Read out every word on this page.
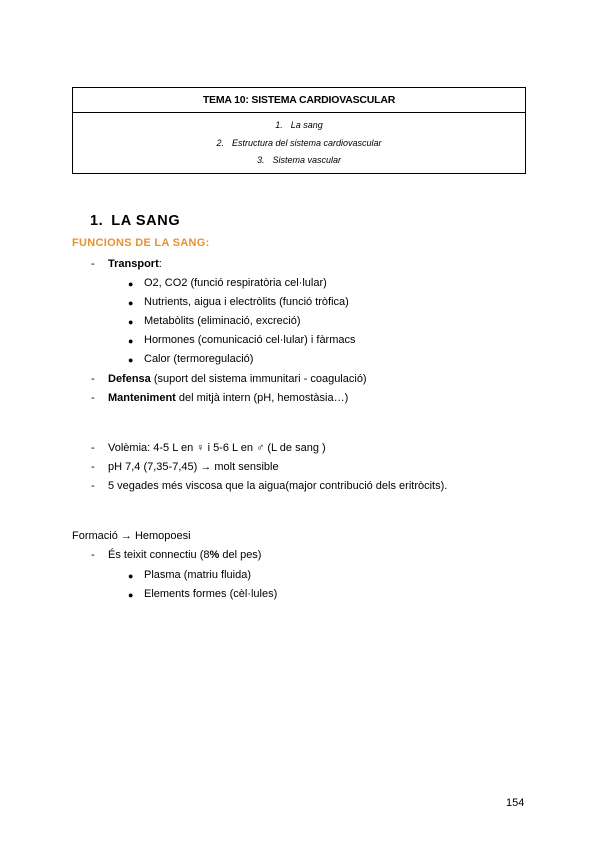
TEMA 10: SISTEMA CARDIOVASCULAR
1. La sang
2. Estructura del sistema cardiovascular
3. Sistema vascular
1. LA SANG
FUNCIONS DE LA SANG:
- Transport:
● O2, CO2 (funció respiratòria cel·lular)
● Nutrients, aigua i electròlits (funció tròfica)
● Metabòlits (eliminació, excreció)
● Hormones (comunicació cel·lular) i fàrmacs
● Calor (termoregulació)
- Defensa (suport del sistema immunitari - coagulació)
- Manteniment del mitjà intern (pH, hemostàsia…)
- Volèmia: 4-5 L en ♀ i 5-6 L en ♂ (L de sang )
- pH 7,4 (7,35-7,45) → molt sensible
- 5 vegades més viscosa que la aigua(major contribució dels eritròcits).
Formació → Hemopoesi
- És teixit connectiu (8% del pes)
● Plasma (matriu fluida)
● Elements formes (cèl·lules)
154
